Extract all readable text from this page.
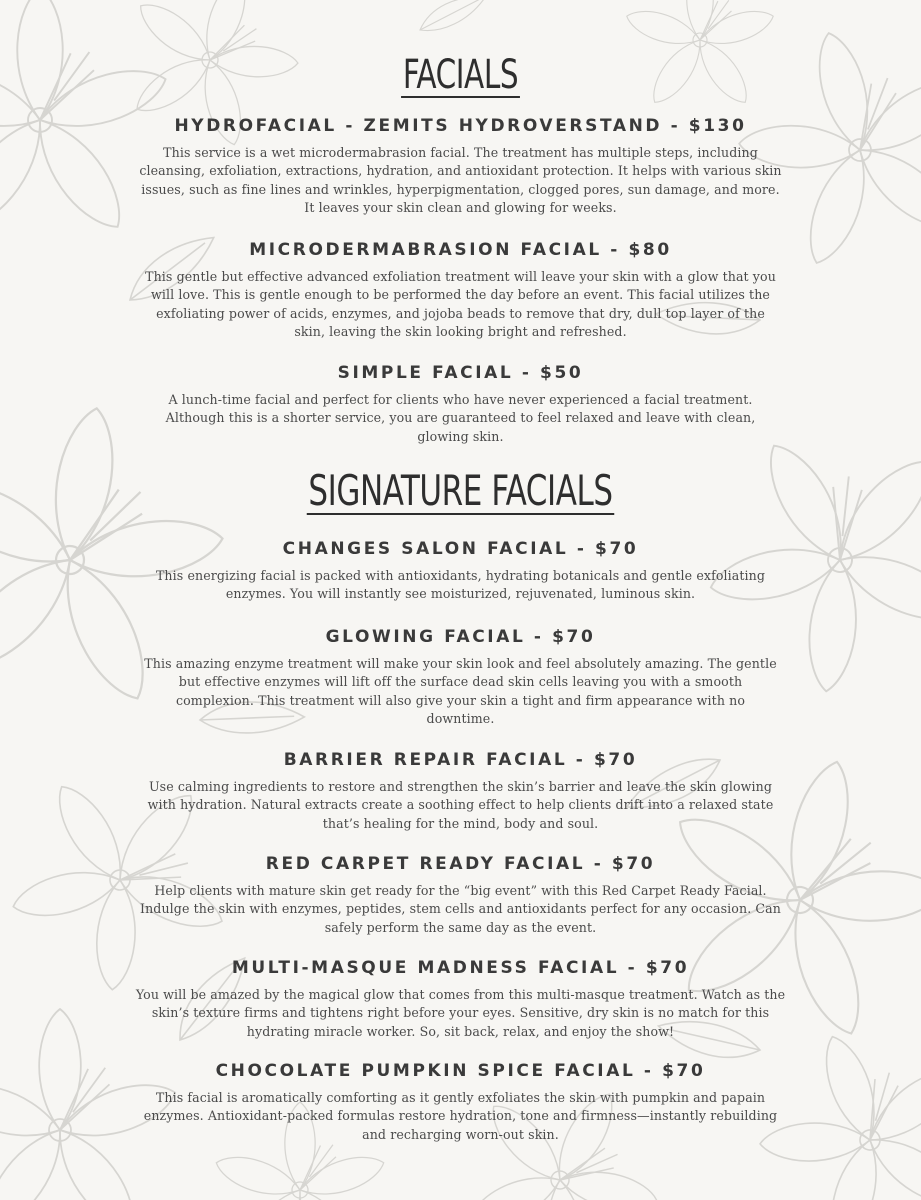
FACIALS
HYDROFACIAL - ZEMITS HYDROVERSTAND - $130

This service is a wet microdermabrasion facial. The treatment has multiple steps, including cleansing, exfoliation, extractions, hydration, and antioxidant protection. It helps with various skin issues, such as fine lines and wrinkles, hyperpigmentation, clogged pores, sun damage, and more. It leaves your skin clean and glowing for weeks.

MICRODERMABRASION FACIAL - $80

This gentle but effective advanced exfoliation treatment will leave your skin with a glow that you will love. This is gentle enough to be performed the day before an event. This facial utilizes the exfoliating power of acids, enzymes, and jojoba beads to remove that dry, dull top layer of the skin, leaving the skin looking bright and refreshed.

SIMPLE FACIAL - $50

A lunch-time facial and perfect for clients who have never experienced a facial treatment. Although this is a shorter service, you are guaranteed to feel relaxed and leave with clean, glowing skin.

SIGNATURE FACIALS
CHANGES SALON FACIAL - $70

This energizing facial is packed with antioxidants, hydrating botanicals and gentle exfoliating enzymes. You will instantly see moisturized, rejuvenated, luminous skin.

GLOWING FACIAL - $70

This amazing enzyme treatment will make your skin look and feel absolutely amazing. The gentle but effective enzymes will lift off the surface dead skin cells leaving you with a smooth complexion. This treatment will also give your skin a tight and firm appearance with no downtime.

BARRIER REPAIR FACIAL - $70

Use calming ingredients to restore and strengthen the skin’s barrier and leave the skin glowing with hydration. Natural extracts create a soothing effect to help clients drift into a relaxed state that’s healing for the mind, body and soul.

RED CARPET READY FACIAL - $70

Help clients with mature skin get ready for the “big event” with this Red Carpet Ready Facial. Indulge the skin with enzymes, peptides, stem cells and antioxidants perfect for any occasion. Can safely perform the same day as the event.

MULTI-MASQUE MADNESS FACIAL - $70

You will be amazed by the magical glow that comes from this multi-masque treatment. Watch as the skin’s texture firms and tightens right before your eyes. Sensitive, dry skin is no match for this hydrating miracle worker. So, sit back, relax, and enjoy the show!

CHOCOLATE PUMPKIN SPICE FACIAL - $70

This facial is aromatically comforting as it gently exfoliates the skin with pumpkin and papain enzymes. Antioxidant-packed formulas restore hydration, tone and firmness—instantly rebuilding and recharging worn-out skin.
